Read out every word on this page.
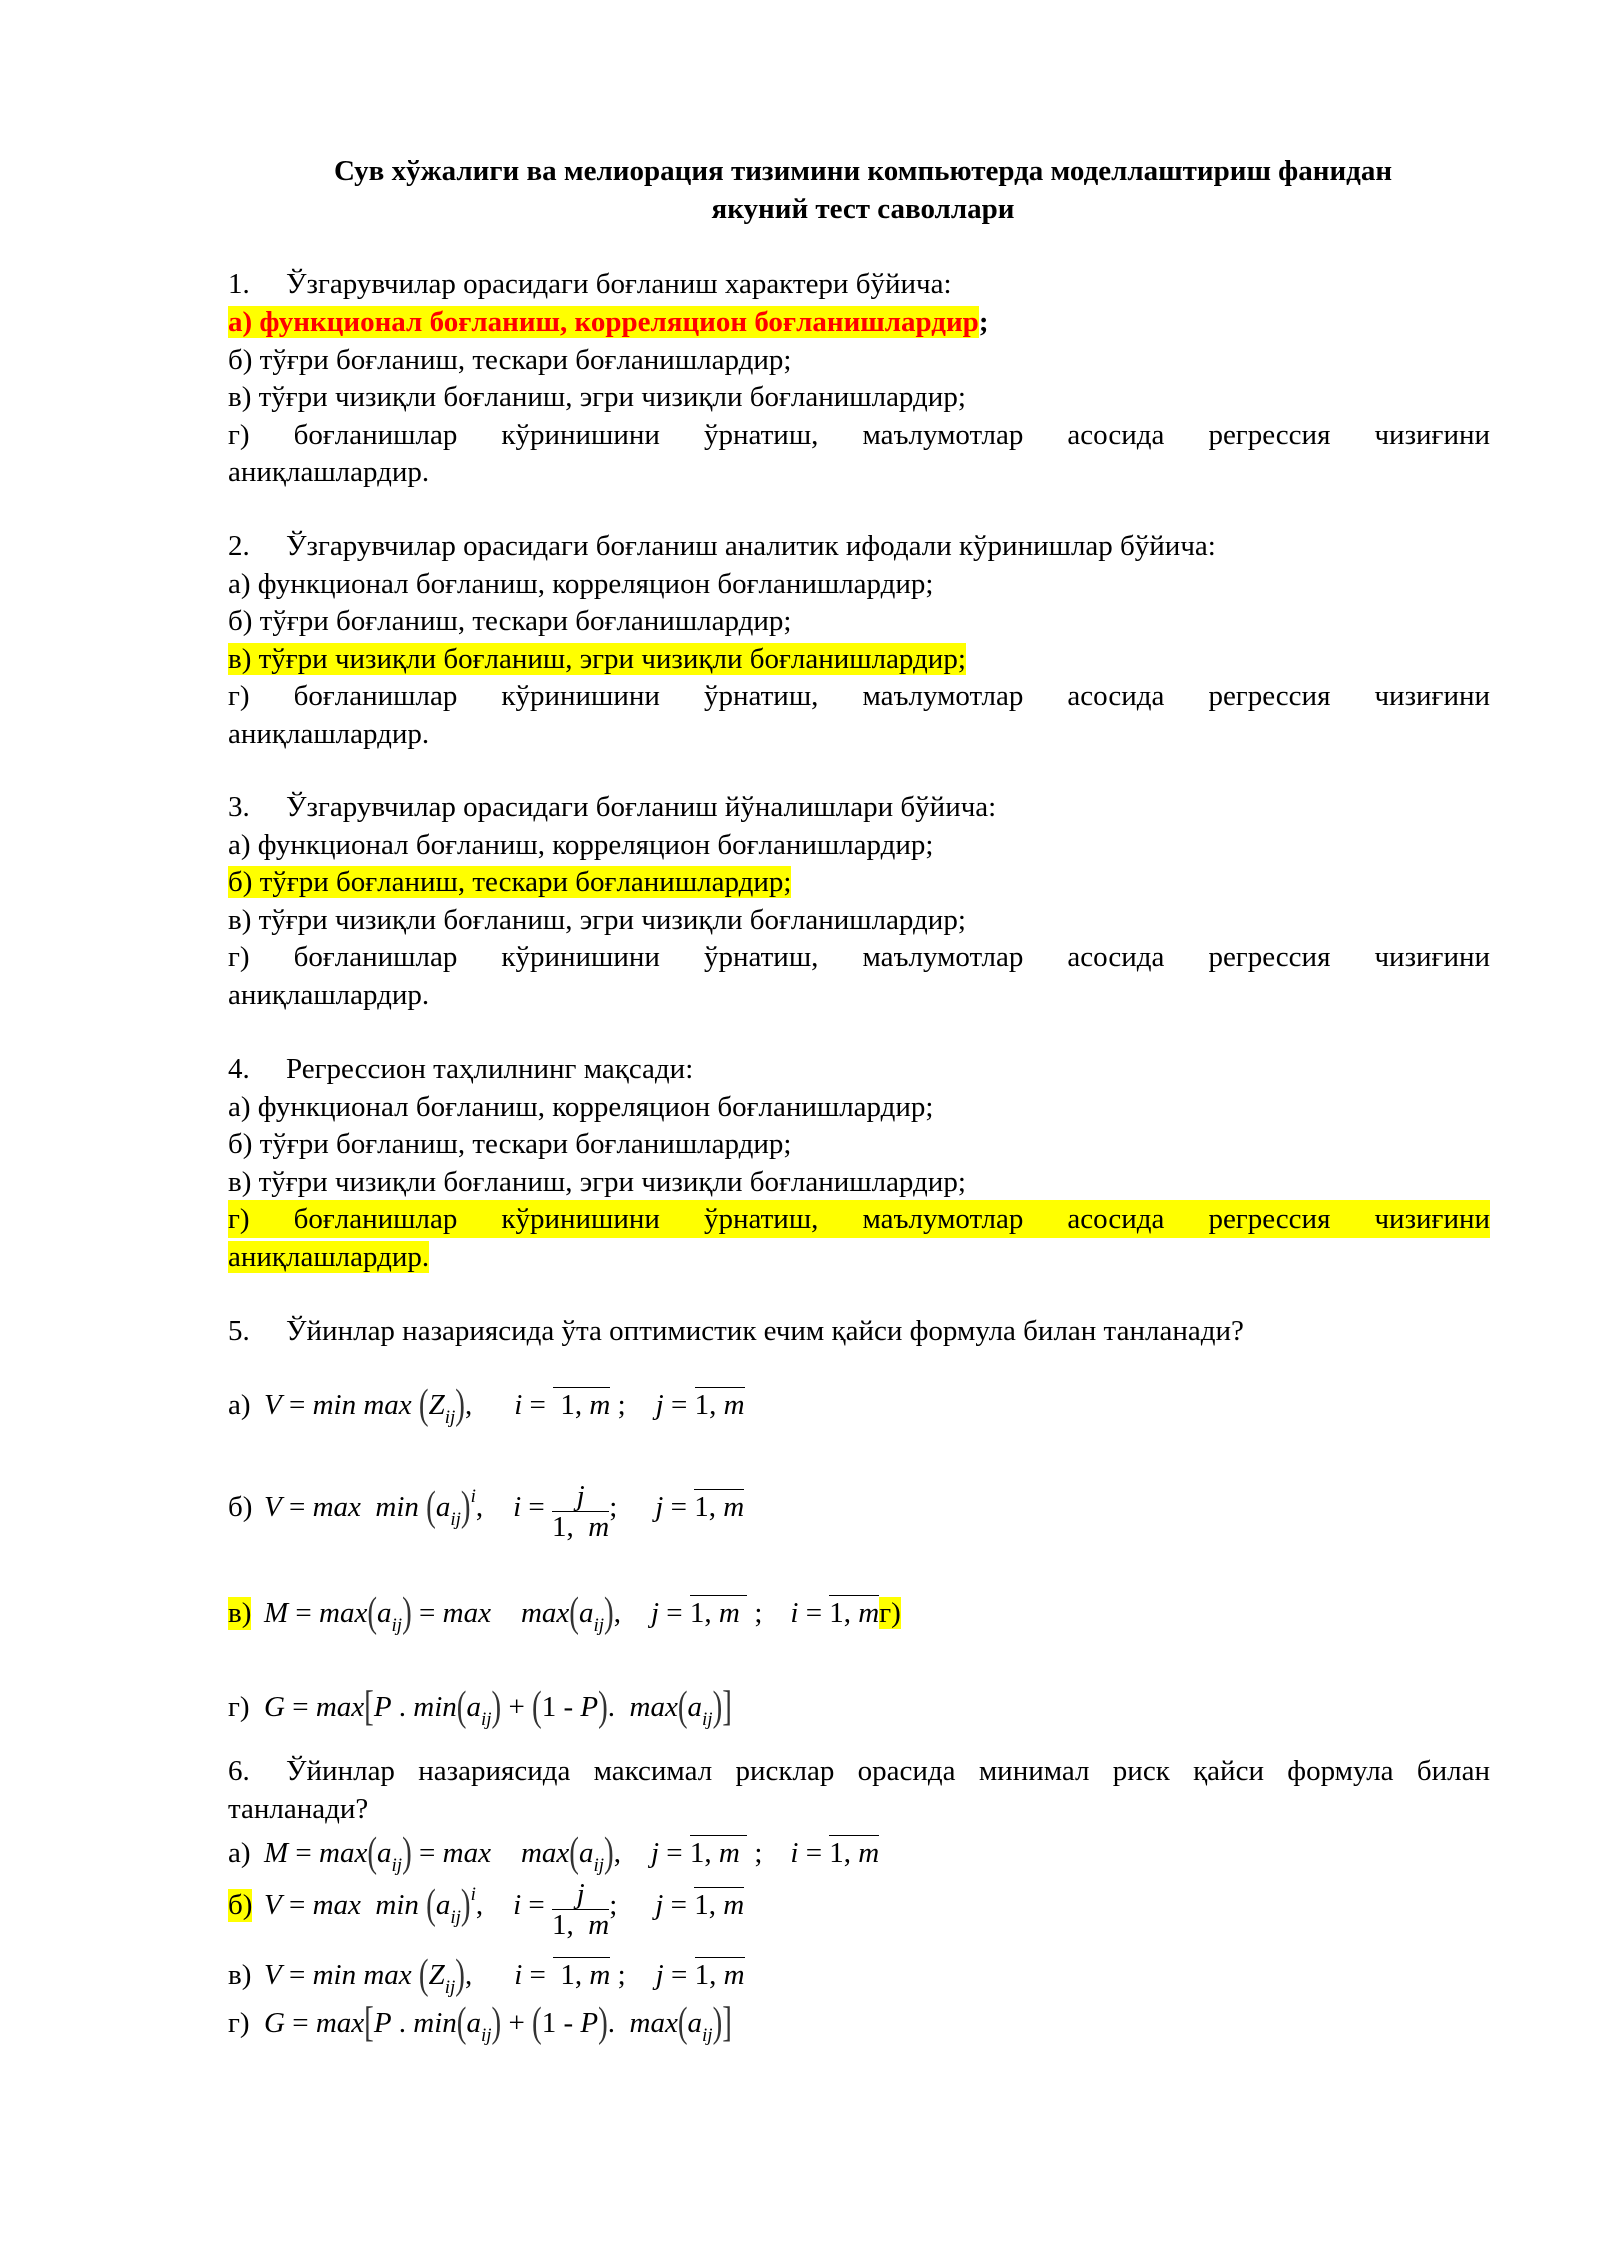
Сув хўжалиги ва мелиорация тизимини компьютерда моделлаштириш фанидан
якуний тест саволлари
1. Ўзгарувчилар орасидаги боғланиш характери бўйича:
а) функционал боғланиш, корреляцион боғланишлардир;
б) тўғри боғланиш, тескари боғланишлардир;
в) тўғри чизиқли боғланиш, эгри чизиқли боғланишлардир;
г) боғланишлар кўринишини ўрнатиш, маълумотлар асосида регрессия чизиғини
аниқлашлардир.
2. Ўзгарувчилар орасидаги боғланиш аналитик ифодали кўринишлар бўйича:
а) функционал боғланиш, корреляцион боғланишлардир;
б) тўғри боғланиш, тескари боғланишлардир;
в) тўғри чизиқли боғланиш, эгри чизиқли боғланишлардир;
г) боғланишлар кўринишини ўрнатиш, маълумотлар асосида регрессия чизиғини
аниқлашлардир.
3. Ўзгарувчилар орасидаги боғланиш йўналишлари бўйича:
а) функционал боғланиш, корреляцион боғланишлардир;
б) тўғри боғланиш, тескари боғланишлардир;
в) тўғри чизиқли боғланиш, эгри чизиқли боғланишлардир;
г) боғланишлар кўринишини ўрнатиш, маълумотлар асосида регрессия чизиғини
аниқлашлардир.
4. Регрессион таҳлилнинг мақсади:
а) функционал боғланиш, корреляцион боғланишлардир;
б) тўғри боғланиш, тескари боғланишлардир;
в) тўғри чизиқли боғланиш, эгри чизиқли боғланишлардир;
г) боғланишлар кўринишини ўрнатиш, маълумотлар асосида регрессия чизиғини
аниқлашлардир.
5. Ўйинлар назариясида ўта оптимистик ечим қайси формула билан танланади?
а) $V = \min \max (Z_{ij})$, i =  1, m ; j = 1, m
б) $V = \max \min (a_{ij})^i$, $i = \frac{j}{1, m}$ ; j = 1, m
в) $M = \max(a_{ij}) = \max \max(a_{ij})$, j = 1, m  ; i = 1, mг)
г) G = max[P . $\min(a_{ij}) + (1 - P)$.  $\max(a_{ij})$]
6. Ўйинлар назариясида максимал рисклар орасида минимал риск қайси формула билан
танланади?
а) $M = \max(a_{ij}) = \max \max(a_{ij})$, j = 1, m  ; i = 1, m
б) $V = \max \min (a_{ij})^i$, $i = \frac{j}{1, m}$ ; j = 1, m
в) $V = \min \max (Z_{ij})$, i =  1, m ; j = 1, m
г) G = max[P . $\min(a_{ij}) + (1 - P)$.  $\max(a_{ij})$]
